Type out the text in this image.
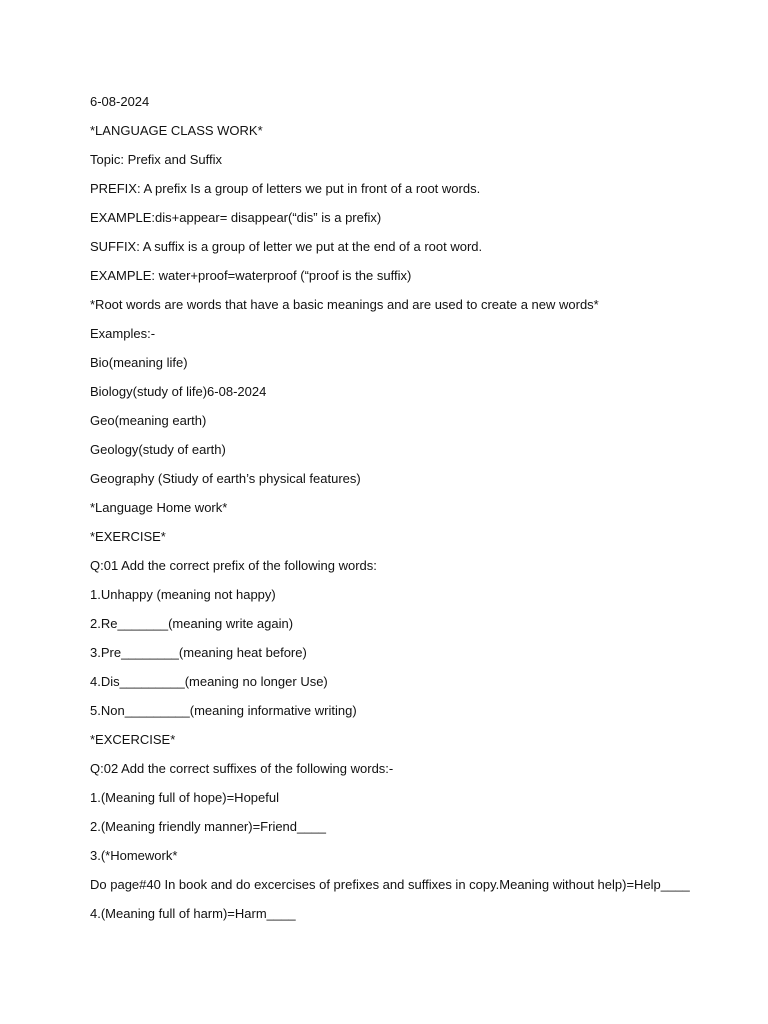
6-08-2024
*LANGUAGE CLASS WORK*
Topic: Prefix and Suffix
PREFIX: A prefix Is a group of letters we put in front of a root words.
EXAMPLE:dis+appear= disappear(“dis” is a prefix)
SUFFIX: A suffix is a group of letter we put at the end of a root word.
EXAMPLE: water+proof=waterproof (“proof is the suffix)
*Root words are words that have a basic meanings and are used to create a new words*
Examples:-
Bio(meaning life)
Biology(study of life)6-08-2024
Geo(meaning earth)
Geology(study of earth)
Geography (Stiudy of earth’s physical features)
*Language Home work*
*EXERCISE*
Q:01 Add the correct prefix of the following words:
1.Unhappy (meaning not happy)
2.Re_______(meaning write again)
3.Pre________(meaning heat before)
4.Dis_________(meaning no longer Use)
5.Non_________(meaning informative writing)
*EXCERCISE*
Q:02 Add the correct suffixes of the following words:-
1.(Meaning full of hope)=Hopeful
2.(Meaning friendly manner)=Friend____
3.(*Homework*
Do page#40 In book and do excercises of prefixes and suffixes in copy.Meaning without help)=Help____
4.(Meaning full of harm)=Harm____
